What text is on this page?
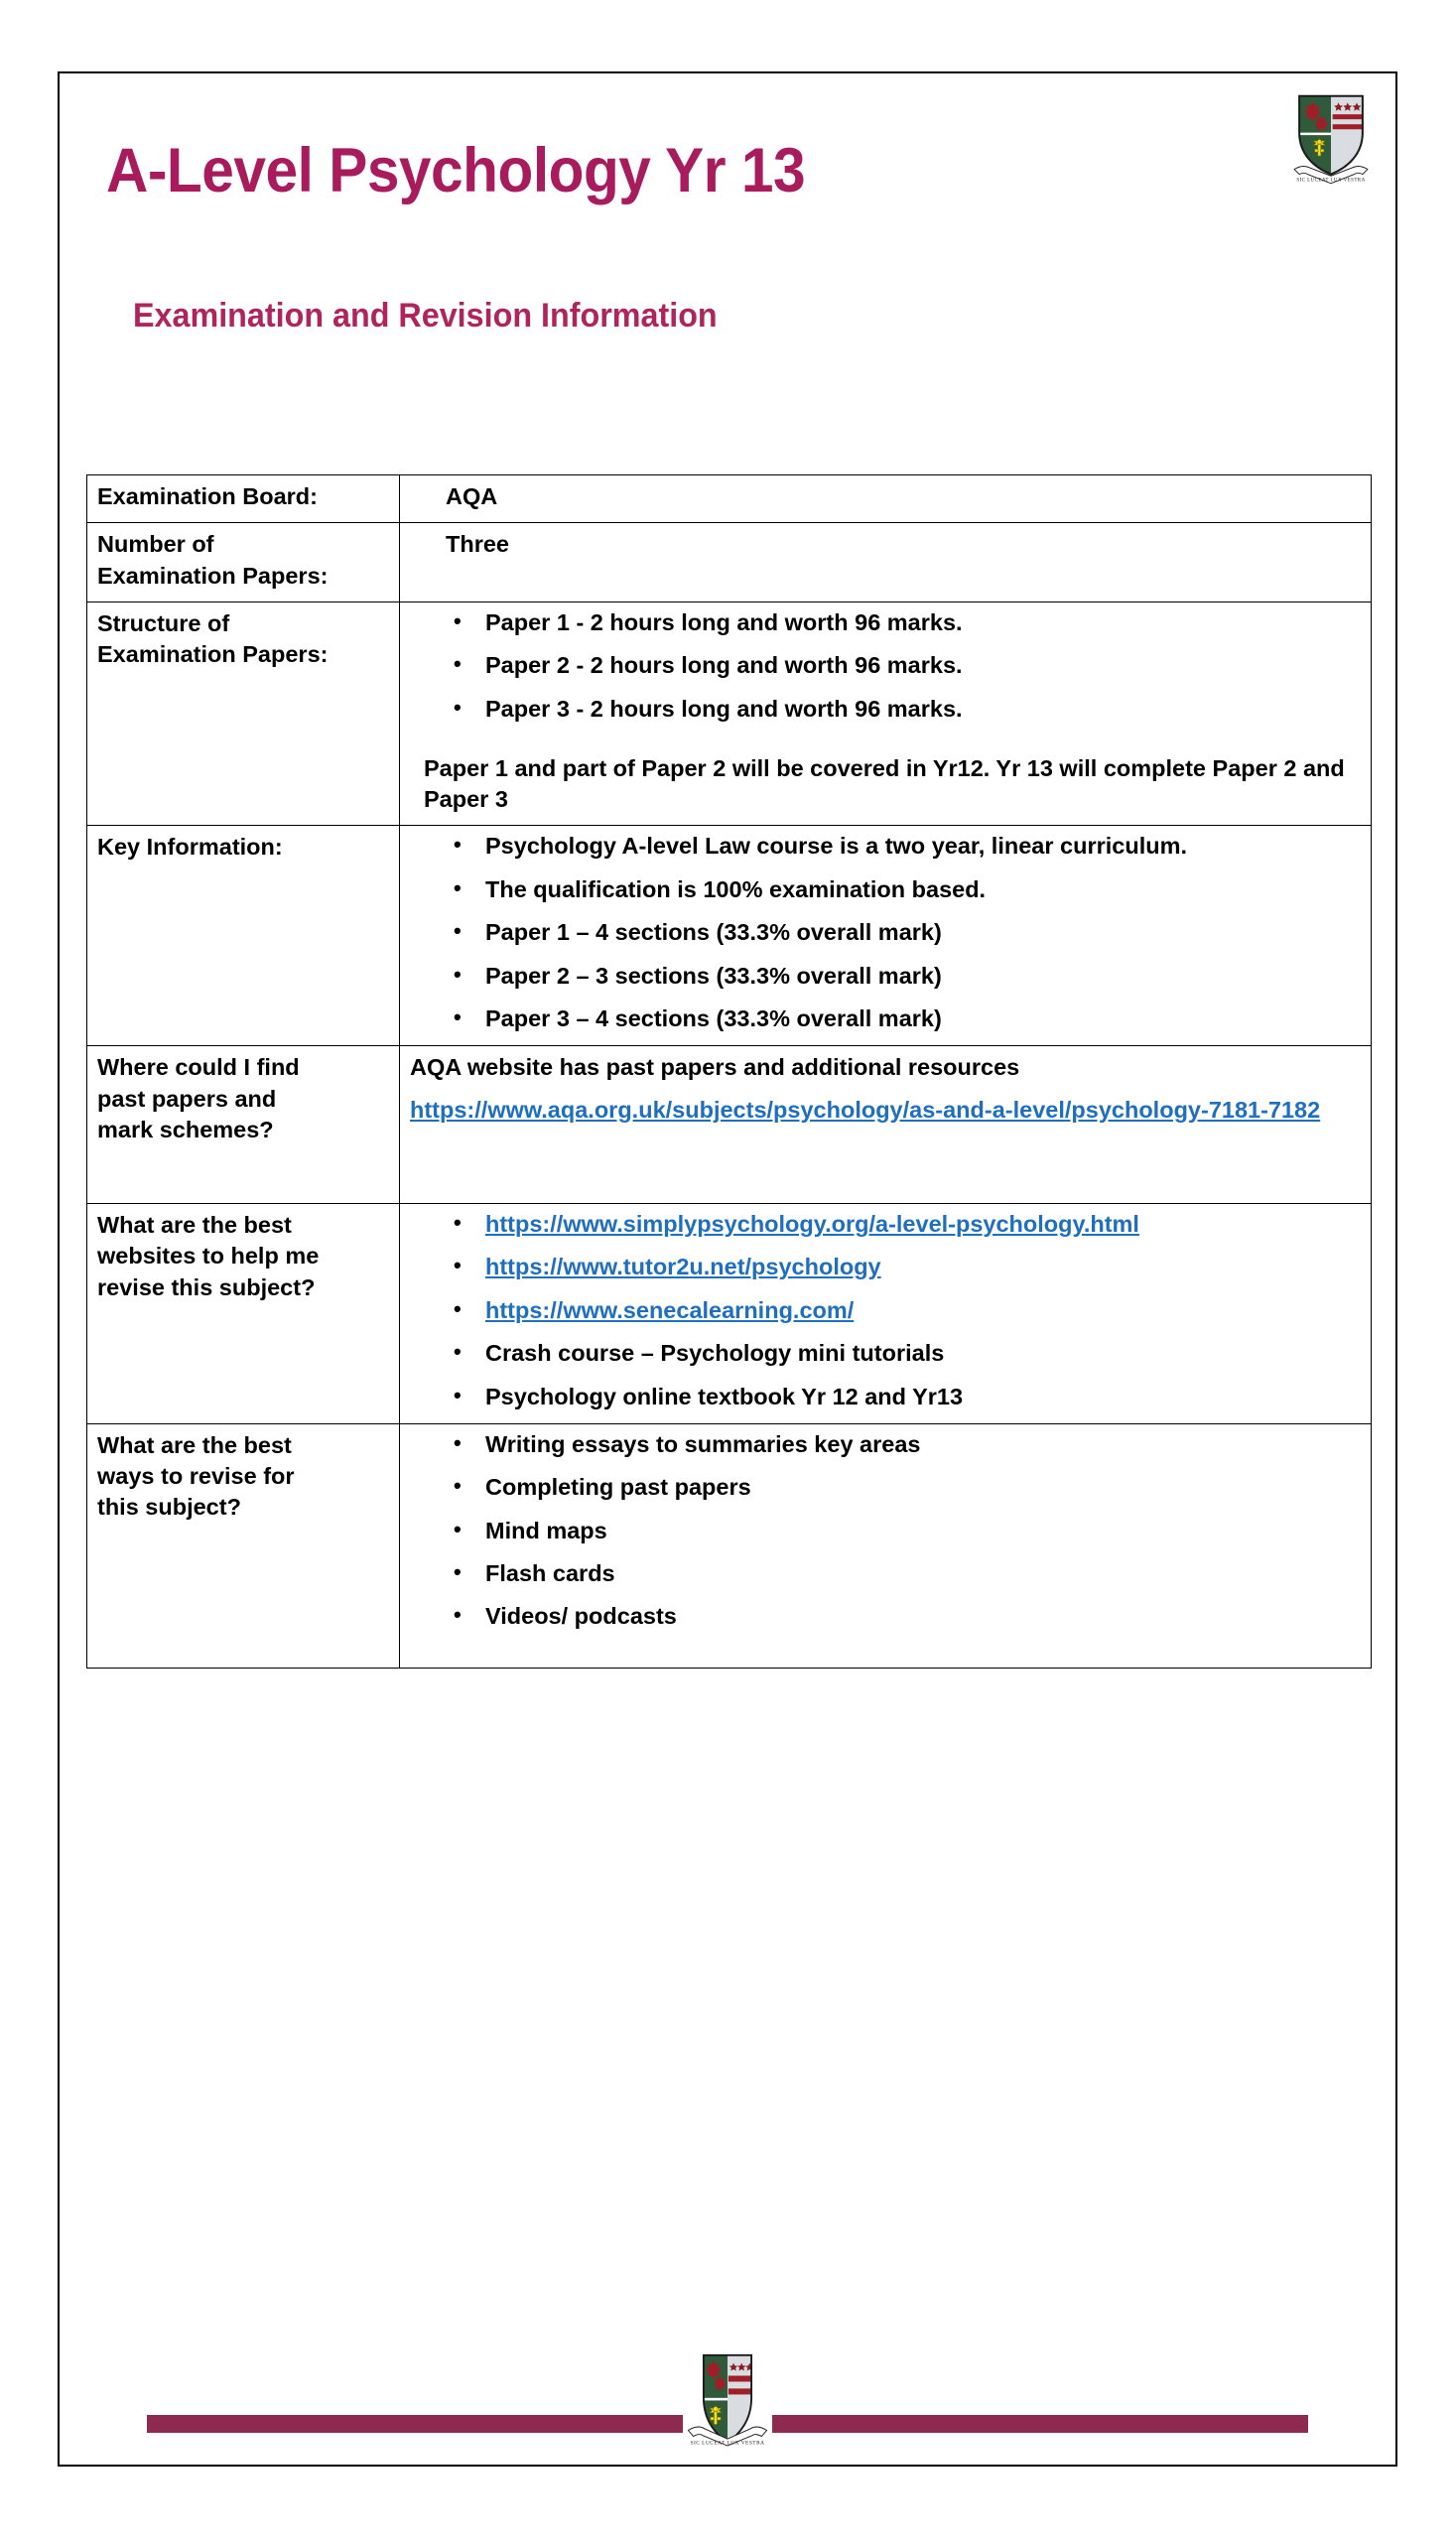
SIC LUCEAT LUX VESTRA
A-Level Psychology Yr 13
Examination and Revision Information
Examination Board:	AQA

Number of
Examination Papers:	Three

Structure of
Examination Papers:

• Paper 1 - 2 hours long and worth 96 marks.
• Paper 2 - 2 hours long and worth 96 marks.
• Paper 3 - 2 hours long and worth 96 marks.
Paper 1 and part of Paper 2 will be covered in Yr12. Yr 13 will complete Paper 2 and Paper 3

Key Information:

•Psychology A-level Law course is a two year, linear curriculum.
• The qualification is 100% examination based.
• Paper 1 – 4 sections (33.3% overall mark)
• Paper 2 – 3 sections (33.3% overall mark)
• Paper 3 – 4 sections (33.3% overall mark)

Where could I find
past papers and
mark schemes?	AQA website has past papers and additional resources
https://www.aqa.org.uk/subjects/psychology/as-and-a-level/psychology-7181-7182

What are the best
websites to help me
revise this subject?

• https://www.simplypsychology.org/a-level-psychology.html
• https://www.tutor2u.net/psychology
• https://www.senecalearning.com/
• Crash course – Psychology mini tutorials
• Psychology online textbook Yr 12 and Yr13

What are the best
ways to revise for
this subject?

• Writing essays to summaries key areas
• Completing past papers
• Mind maps
• Flash cards
• Videos/ podcasts
SIC LUCEAT LUX VESTRA
